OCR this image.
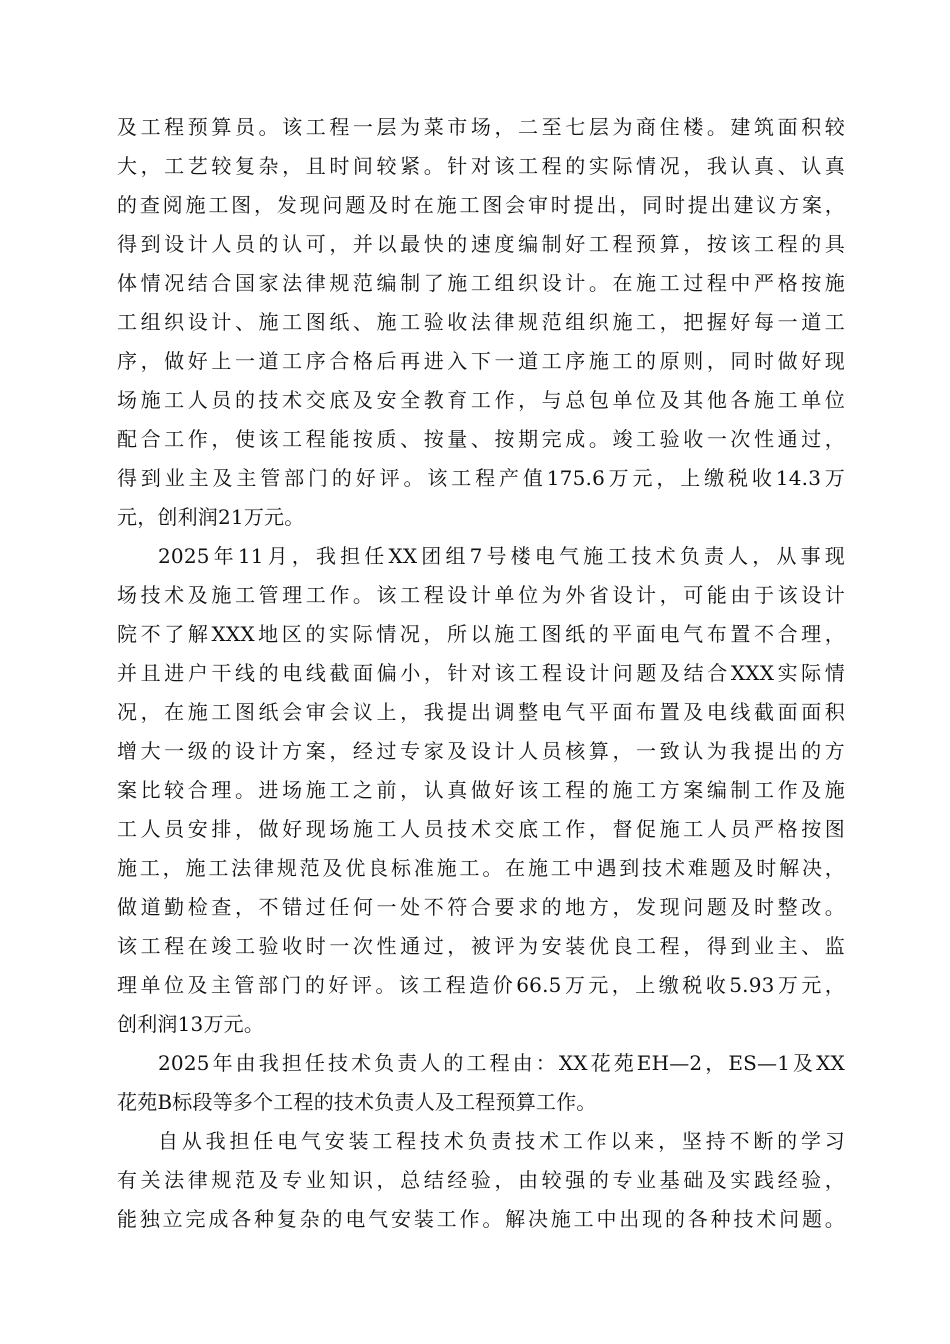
及工程预算员。该工程一层为菜市场，二至七层为商住楼。建筑面积较
大，工艺较复杂，且时间较紧。针对该工程的实际情况，我认真、认真
的查阅施工图，发现问题及时在施工图会审时提出，同时提出建议方案，
得到设计人员的认可，并以最快的速度编制好工程预算，按该工程的具
体情况结合国家法律规范编制了施工组织设计。在施工过程中严格按施
工组织设计、施工图纸、施工验收法律规范组织施工，把握好每一道工
序，做好上一道工序合格后再进入下一道工序施工的原则，同时做好现
场施工人员的技术交底及安全教育工作，与总包单位及其他各施工单位
配合工作，使该工程能按质、按量、按期完成。竣工验收一次性通过，
得到业主及主管部门的好评。该工程产值175.6万元，上缴税收14.3万
元，创利润21万元。
2025年11月，我担任XX团组7号楼电气施工技术负责人，从事现
场技术及施工管理工作。该工程设计单位为外省设计，可能由于该设计
院不了解XXX地区的实际情况，所以施工图纸的平面电气布置不合理，
并且进户干线的电线截面偏小，针对该工程设计问题及结合XXX实际情
况，在施工图纸会审会议上，我提出调整电气平面布置及电线截面面积
增大一级的设计方案，经过专家及设计人员核算，一致认为我提出的方
案比较合理。进场施工之前，认真做好该工程的施工方案编制工作及施
工人员安排，做好现场施工人员技术交底工作，督促施工人员严格按图
施工，施工法律规范及优良标准施工。在施工中遇到技术难题及时解决，
做道勤检查，不错过任何一处不符合要求的地方，发现问题及时整改。
该工程在竣工验收时一次性通过，被评为安装优良工程，得到业主、监
理单位及主管部门的好评。该工程造价66.5万元，上缴税收5.93万元，
创利润13万元。
2025年由我担任技术负责人的工程由：XX花苑EH—2，ES—1及XX
花苑B标段等多个工程的技术负责人及工程预算工作。
自从我担任电气安装工程技术负责技术工作以来，坚持不断的学习
有关法律规范及专业知识，总结经验，由较强的专业基础及实践经验，
能独立完成各种复杂的电气安装工作。解决施工中出现的各种技术问题。
